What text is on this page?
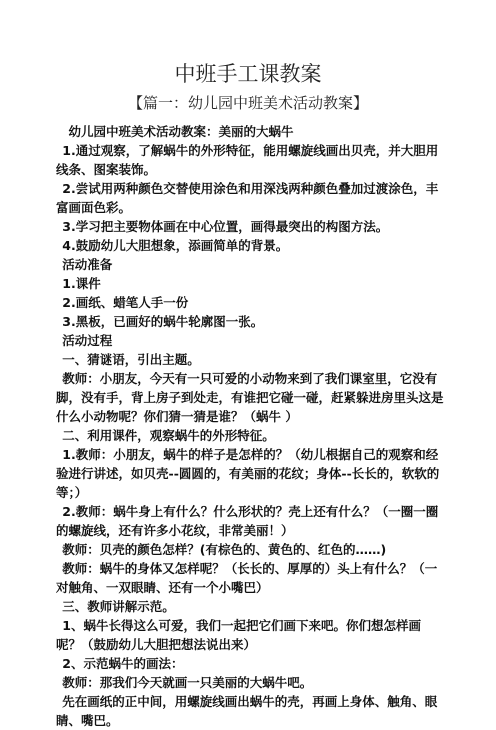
中班手工课教案
【篇一：幼儿园中班美术活动教案】

幼儿园中班美术活动教案：美丽的大蜗牛

1.通过观察，了解蜗牛的外形特征，能用螺旋线画出贝壳，并大胆用线条、图案装饰。

2.尝试用两种颜色交替使用涂色和用深浅两种颜色叠加过渡涂色，丰富画面色彩。

3.学习把主要物体画在中心位置，画得最突出的构图方法。

4.鼓励幼儿大胆想象，添画简单的背景。

活动准备

1.课件

2.画纸、蜡笔人手一份

3.黑板，已画好的蜗牛轮廓图一张。

活动过程

一、猜谜语，引出主题。

教师：小朋友，今天有一只可爱的小动物来到了我们课室里，它没有脚，没有手，背上房子到处走，有谁把它碰一碰，赶紧躲进房里头这是什么小动物呢？你们猜一猜是谁？（蜗牛 ）

二、利用课件，观察蜗牛的外形特征。

1.教师：小朋友，蜗牛的样子是怎样的？（幼儿根据自己的观察和经验进行讲述，如贝壳--圆圆的，有美丽的花纹；身体--长长的，软软的等；）

2.教师：蜗牛身上有什么？什么形状的？壳上还有什么？（一圈一圈的螺旋线，还有许多小花纹，非常美丽！）

教师：贝壳的颜色怎样？(有棕色的、黄色的、红色的……)

教师：蜗牛的身体又怎样呢？（长长的、厚厚的）头上有什么？（一对触角、一双眼睛、还有一个小嘴巴）

三、教师讲解示范。

1、蜗牛长得这么可爱，我们一起把它们画下来吧。你们想怎样画呢？（鼓励幼儿大胆把想法说出来）

2、示范蜗牛的画法：

教师：那我们今天就画一只美丽的大蜗牛吧。

先在画纸的正中间，用螺旋线画出蜗牛的壳，再画上身体、触角、眼睛、嘴巴。
